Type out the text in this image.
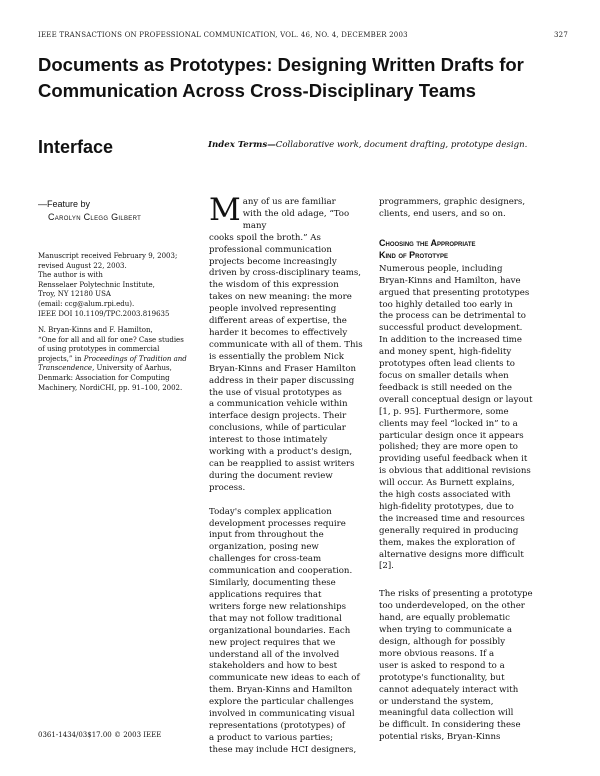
IEEE TRANSACTIONS ON PROFESSIONAL COMMUNICATION, VOL. 46, NO. 4, DECEMBER 2003	327
Documents as Prototypes: Designing Written Drafts for
Communication Across Cross-Disciplinary Teams
Interface	Index Terms—Collaborative work, document drafting, prototype design.
—Feature by
Carolyn Clegg Gilbert

Manuscript received February 9, 2003;

revised August 22, 2003.

The author is with

Rensselaer Polytechnic Institute,

Troy, NY 12180 USA

(email: ccg@alum.rpi.edu).

IEEE DOI 10.1109/TPC.2003.819635

N. Bryan-Kinns and F. Hamilton,

“One for all and all for one? Case studies

of using prototypes in commercial

projects,” in Proceedings of Tradition and

Transcendence, University of Aarhus,

Denmark: Association for Computing

Machinery, NordiCHI, pp. 91–100, 2002.

0361-1434/03$17.00 © 2003 IEEE
M any of us are familiar

with the old adage, “Too many

cooks spoil the broth.” As

professional communication

projects become increasingly

driven by cross-disciplinary teams,

the wisdom of this expression

takes on new meaning: the more

people involved representing

different areas of expertise, the

harder it becomes to effectively

communicate with all of them. This

is essentially the problem Nick

Bryan-Kinns and Fraser Hamilton

address in their paper discussing

the use of visual prototypes as

a communication vehicle within

interface design projects. Their

conclusions, while of particular

interest to those intimately

working with a product's design,

can be reapplied to assist writers

during the document review

process.

Today's complex application

development processes require

input from throughout the

organization, posing new

challenges for cross-team

communication and cooperation.

Similarly, documenting these

applications requires that

writers forge new relationships

that may not follow traditional

organizational boundaries. Each

new project requires that we

understand all of the involved

stakeholders and how to best

communicate new ideas to each of

them. Bryan-Kinns and Hamilton

explore the particular challenges

involved in communicating visual

representations (prototypes) of

a product to various parties;

these may include HCI designers,

programmers, graphic designers,

clients, end users, and so on.

Choosing the Appropriate

Kind of Prototype

Numerous people, including

Bryan-Kinns and Hamilton, have

argued that presenting prototypes

too highly detailed too early in

the process can be detrimental to

successful product development.

In addition to the increased time

and money spent, high-fidelity

prototypes often lead clients to

focus on smaller details when

feedback is still needed on the

overall conceptual design or layout

[1, p. 95]. Furthermore, some

clients may feel “locked in” to a

particular design once it appears

polished; they are more open to

providing useful feedback when it

is obvious that additional revisions

will occur. As Burnett explains,

the high costs associated with

high-fidelity prototypes, due to

the increased time and resources

generally required in producing

them, makes the exploration of

alternative designs more difficult

[2].

The risks of presenting a prototype

too underdeveloped, on the other

hand, are equally problematic

when trying to communicate a

design, although for possibly

more obvious reasons. If a

user is asked to respond to a

prototype's functionality, but

cannot adequately interact with

or understand the system,

meaningful data collection will

be difficult. In considering these

potential risks, Bryan-Kinns
